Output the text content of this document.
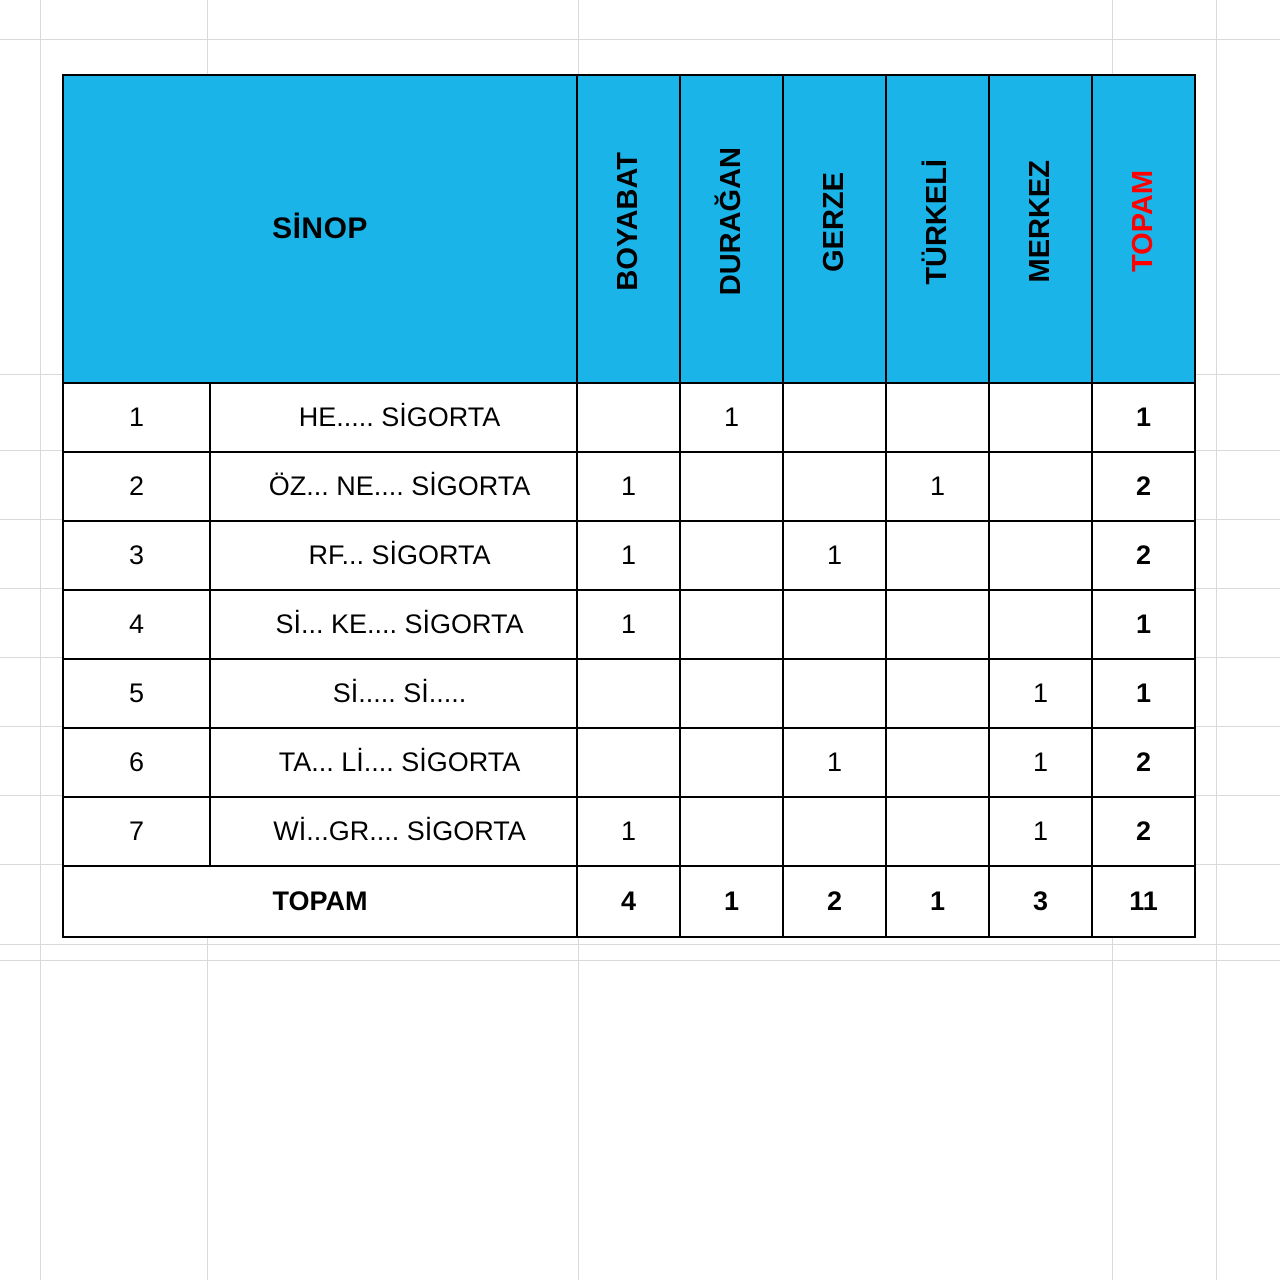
SİNOP		BOYABAT	DURAĞAN	GERZE	TÜRKELİ	MERKEZ	TOPAM
1	HE..... SİGORTA		1				1
2	ÖZ... NE.... SİGORTA	1			1		2
3	RF... SİGORTA	1		1			2
4	Sİ... KE.... SİGORTA	1					1
5	Sİ..... Sİ.....					1	1
6	TA... Lİ.... SİGORTA			1		1	2
7	Wİ...GR.... SİGORTA	1				1	2
TOPAM		4	1	2	1	3	11
